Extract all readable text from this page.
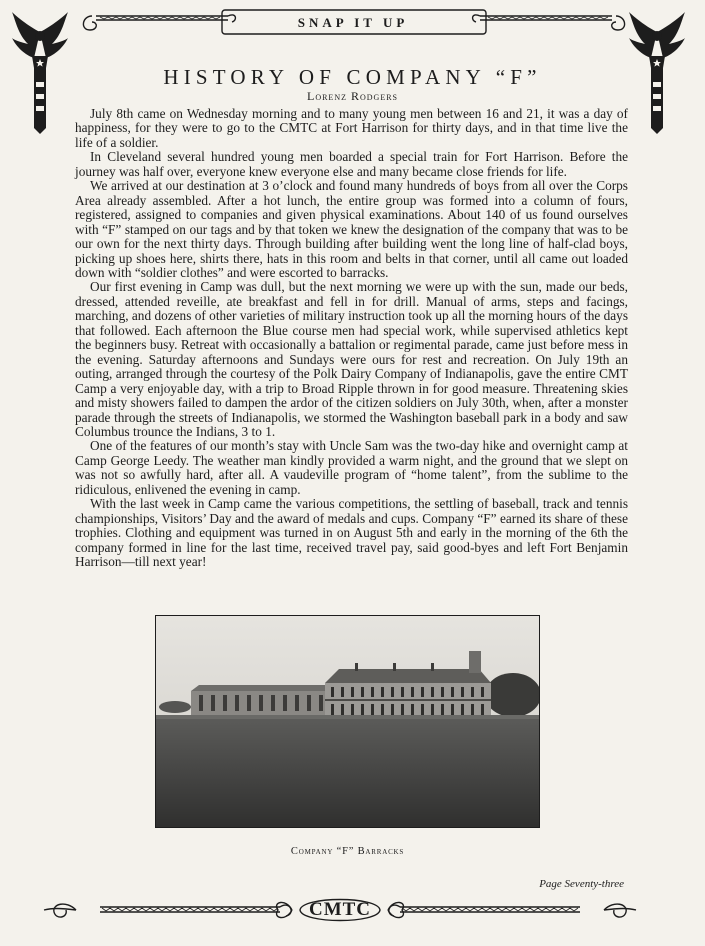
SNAP IT UP
HISTORY OF COMPANY “F”
Lorenz Rodgers

July 8th came on Wednesday morning and to many young men between 16 and 21, it was a day of happiness, for they were to go to the CMTC at Fort Harrison for thirty days, and in that time live the life of a soldier.

In Cleveland several hundred young men boarded a special train for Fort Harrison. Before the journey was half over, everyone knew everyone else and many became close friends for life.

We arrived at our destination at 3 o’clock and found many hundreds of boys from all over the Corps Area already assembled. After a hot lunch, the entire group was formed into a column of fours, registered, assigned to companies and given physical examinations. About 140 of us found ourselves with “F” stamped on our tags and by that token we knew the designation of the company that was to be our own for the next thirty days. Through building after building went the long line of half-clad boys, picking up shoes here, shirts there, hats in this room and belts in that corner, until all came out loaded down with “soldier clothes” and were escorted to barracks.

Our first evening in Camp was dull, but the next morning we were up with the sun, made our beds, dressed, attended reveille, ate breakfast and fell in for drill. Manual of arms, steps and facings, marching, and dozens of other varieties of military instruction took up all the morning hours of the days that followed. Each afternoon the Blue course men had special work, while supervised athletics kept the beginners busy. Retreat with occasionally a battalion or regimental parade, came just before mess in the evening. Saturday afternoons and Sundays were ours for rest and recreation. On July 19th an outing, arranged through the courtesy of the Polk Dairy Company of Indianapolis, gave the entire CMT Camp a very enjoyable day, with a trip to Broad Ripple thrown in for good measure. Threatening skies and misty showers failed to dampen the ardor of the citizen soldiers on July 30th, when, after a monster parade through the streets of Indianapolis, we stormed the Washington baseball park in a body and saw Columbus trounce the Indians, 3 to 1.

One of the features of our month’s stay with Uncle Sam was the two-day hike and overnight camp at Camp George Leedy. The weather man kindly provided a warm night, and the ground that we slept on was not so awfully hard, after all. A vaudeville program of “home talent”, from the sublime to the ridiculous, enlivened the evening in camp.

With the last week in Camp came the various competitions, the settling of baseball, track and tennis championships, Visitors’ Day and the award of medals and cups. Company “F” earned its share of these trophies. Clothing and equipment was turned in on August 5th and early in the morning of the 6th the company formed in line for the last time, received travel pay, said good-byes and left Fort Benjamin Harrison—till next year!

Company “F” Barracks
Page Seventy-three
CMTC
